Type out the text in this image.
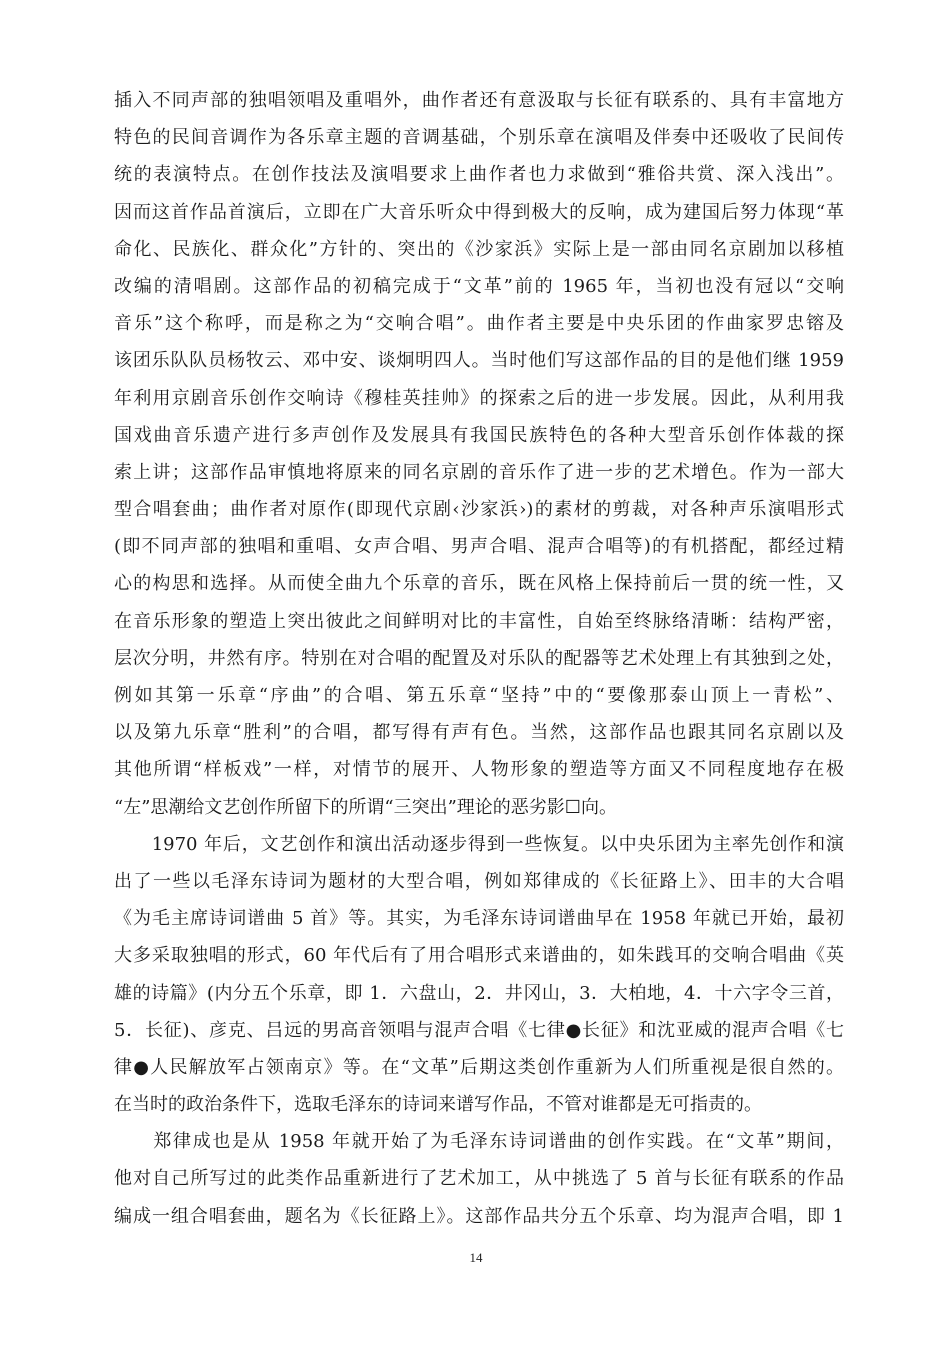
插入不同声部的独唱领唱及重唱外，曲作者还有意汲取与长征有联系的、具有丰富地方
特色的民间音调作为各乐章主题的音调基础，个别乐章在演唱及伴奏中还吸收了民间传
统的表演特点。在创作技法及演唱要求上曲作者也力求做到“雅俗共赏、深入浅出”。
因而这首作品首演后，立即在广大音乐听众中得到极大的反响，成为建国后努力体现“革
命化、民族化、群众化”方针的、突出的《沙家浜》实际上是一部由同名京剧加以移植
改编的清唱剧。这部作品的初稿完成于“文革”前的 1965 年，当初也没有冠以“交响
音乐”这个称呼，而是称之为“交响合唱”。曲作者主要是中央乐团的作曲家罗忠镕及
该团乐队队员杨牧云、邓中安、谈炯明四人。当时他们写这部作品的目的是他们继 1959
年利用京剧音乐创作交响诗《穆桂英挂帅》的探索之后的进一步发展。因此，从利用我
国戏曲音乐遗产进行多声创作及发展具有我国民族特色的各种大型音乐创作体裁的探
索上讲；这部作品审慎地将原来的同名京剧的音乐作了进一步的艺术增色。作为一部大
型合唱套曲；曲作者对原作(即现代京剧‹沙家浜›)的素材的剪裁，对各种声乐演唱形式
(即不同声部的独唱和重唱、女声合唱、男声合唱、混声合唱等)的有机搭配，都经过精
心的构思和选择。从而使全曲九个乐章的音乐，既在风格上保持前后一贯的统一性，又
在音乐形象的塑造上突出彼此之间鲜明对比的丰富性，自始至终脉络清晰：结构严密，
层次分明，井然有序。特别在对合唱的配置及对乐队的配器等艺术处理上有其独到之处，
例如其第一乐章“序曲”的合唱、第五乐章“坚持”中的“要像那泰山顶上一青松”、
以及第九乐章“胜利”的合唱，都写得有声有色。当然，这部作品也跟其同名京剧以及
其他所谓“样板戏”一样，对情节的展开、人物形象的塑造等方面又不同程度地存在极
“左”思潮给文艺创作所留下的所谓“三突出”理论的恶劣影☐向。
　　1970 年后，文艺创作和演出活动逐步得到一些恢复。以中央乐团为主率先创作和演
出了一些以毛泽东诗词为题材的大型合唱，例如郑律成的《长征路上》、田丰的大合唱
《为毛主席诗词谱曲 5 首》等。其实，为毛泽东诗词谱曲早在 1958 年就已开始，最初
大多采取独唱的形式，60 年代后有了用合唱形式来谱曲的，如朱践耳的交响合唱曲《英
雄的诗篇》(内分五个乐章，即 1．六盘山，2．井冈山，3．大柏地，4．十六字令三首，
5．长征)、彦克、吕远的男高音领唱与混声合唱《七律●长征》和沈亚威的混声合唱《七
律●人民解放军占领南京》等。在“文革”后期这类创作重新为人们所重视是很自然的。
在当时的政治条件下，选取毛泽东的诗词来谱写作品，不管对谁都是无可指责的。
　　郑律成也是从 1958 年就开始了为毛泽东诗词谱曲的创作实践。在“文革”期间，
他对自己所写过的此类作品重新进行了艺术加工，从中挑选了 5 首与长征有联系的作品
编成一组合唱套曲，题名为《长征路上》。这部作品共分五个乐章、均为混声合唱，即 1
14
